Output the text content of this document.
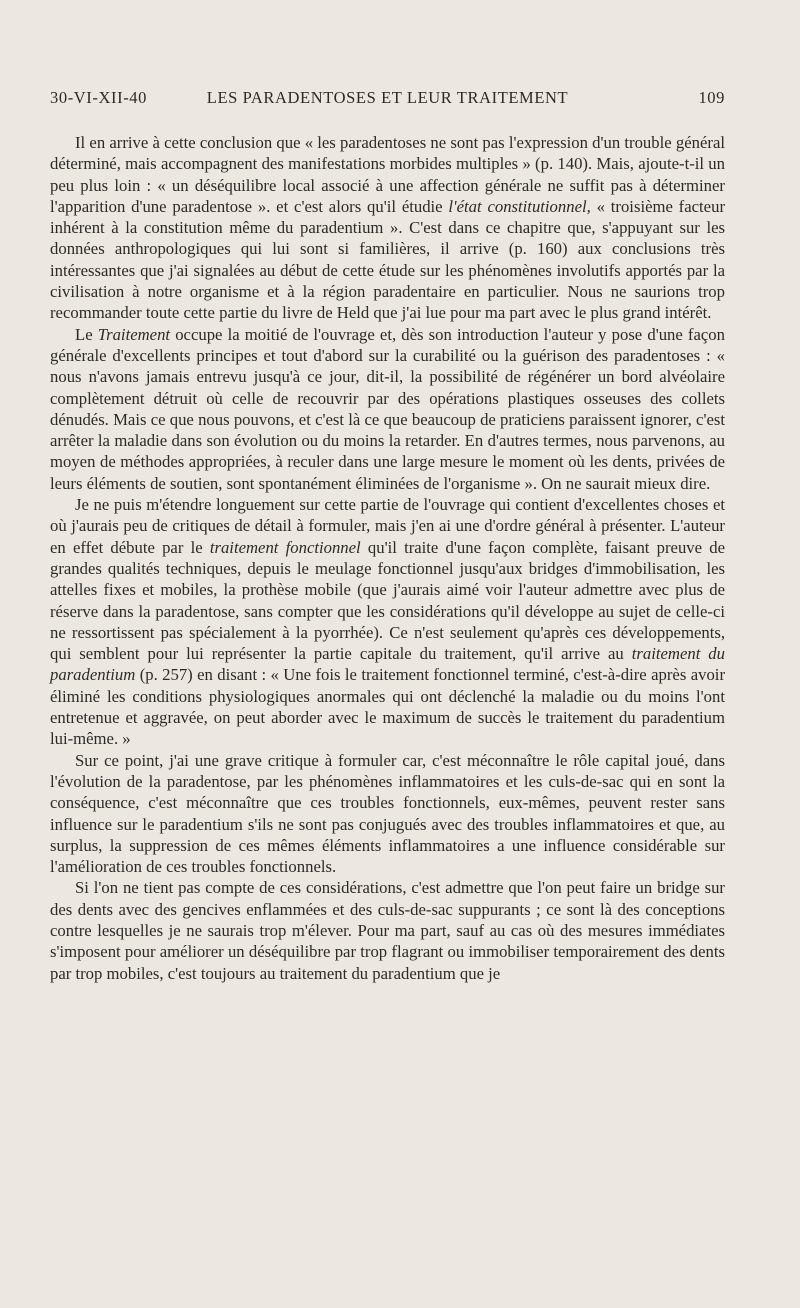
30-VI-XII-40	LES PARADENTOSES ET LEUR TRAITEMENT	109

Il en arrive à cette conclusion que « les paradentoses ne sont pas l'expression d'un trouble général déterminé, mais accompagnent des manifestations morbides multiples » (p. 140). Mais, ajoute-t-il un peu plus loin : « un déséquilibre local associé à une affection générale ne suffit pas à déterminer l'apparition d'une paradentose ». et c'est alors qu'il étudie l'état constitutionnel, « troisième facteur inhérent à la constitution même du paradentium ». C'est dans ce chapitre que, s'appuyant sur les données anthropologiques qui lui sont si familières, il arrive (p. 160) aux conclusions très intéressantes que j'ai signalées au début de cette étude sur les phénomènes involutifs apportés par la civilisation à notre organisme et à la région paradentaire en particulier. Nous ne saurions trop recommander toute cette partie du livre de Held que j'ai lue pour ma part avec le plus grand intérêt.

Le Traitement occupe la moitié de l'ouvrage et, dès son introduction l'auteur y pose d'une façon générale d'excellents principes et tout d'abord sur la curabilité ou la guérison des paradentoses : « nous n'avons jamais entrevu jusqu'à ce jour, dit-il, la possibilité de régénérer un bord alvéolaire complètement détruit où celle de recouvrir par des opérations plastiques osseuses des collets dénudés. Mais ce que nous pouvons, et c'est là ce que beaucoup de praticiens paraissent ignorer, c'est arrêter la maladie dans son évolution ou du moins la retarder. En d'autres termes, nous parvenons, au moyen de méthodes appropriées, à reculer dans une large mesure le moment où les dents, privées de leurs éléments de soutien, sont spontanément éliminées de l'organisme ». On ne saurait mieux dire.

Je ne puis m'étendre longuement sur cette partie de l'ouvrage qui contient d'excellentes choses et où j'aurais peu de critiques de détail à formuler, mais j'en ai une d'ordre général à présenter. L'auteur en effet débute par le traitement fonctionnel qu'il traite d'une façon complète, faisant preuve de grandes qualités techniques, depuis le meulage fonctionnel jusqu'aux bridges d'immobilisation, les attelles fixes et mobiles, la prothèse mobile (que j'aurais aimé voir l'auteur admettre avec plus de réserve dans la paradentose, sans compter que les considérations qu'il développe au sujet de celle-ci ne ressortissent pas spécialement à la pyorrhée). Ce n'est seulement qu'après ces développements, qui semblent pour lui représenter la partie capitale du traitement, qu'il arrive au traitement du paradentium (p. 257) en disant : « Une fois le traitement fonctionnel terminé, c'est-à-dire après avoir éliminé les conditions physiologiques anormales qui ont déclenché la maladie ou du moins l'ont entretenue et aggravée, on peut aborder avec le maximum de succès le traitement du paradentium lui-même. »

Sur ce point, j'ai une grave critique à formuler car, c'est méconnaître le rôle capital joué, dans l'évolution de la paradentose, par les phénomènes inflammatoires et les culs-de-sac qui en sont la conséquence, c'est méconnaître que ces troubles fonctionnels, eux-mêmes, peuvent rester sans influence sur le paradentium s'ils ne sont pas conjugués avec des troubles inflammatoires et que, au surplus, la suppression de ces mêmes éléments inflammatoires a une influence considérable sur l'amélioration de ces troubles fonctionnels.

Si l'on ne tient pas compte de ces considérations, c'est admettre que l'on peut faire un bridge sur des dents avec des gencives enflammées et des culs-de-sac suppurants ; ce sont là des conceptions contre lesquelles je ne saurais trop m'élever. Pour ma part, sauf au cas où des mesures immédiates s'imposent pour améliorer un déséquilibre par trop flagrant ou immobiliser temporairement des dents par trop mobiles, c'est toujours au traitement du paradentium que je
